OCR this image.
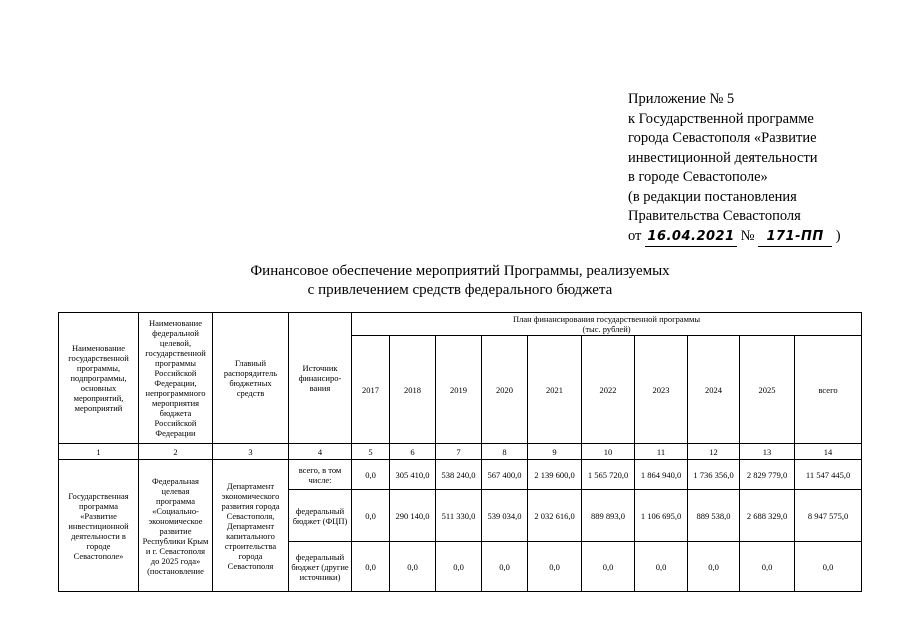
Приложение № 5
к Государственной программе
города Севастополя «Развитие
инвестиционной деятельности
в городе Севастополе»
(в редакции постановления
Правительства Севастополя
от 16.04.2021 № 171-ПП )
Финансовое обеспечение мероприятий Программы, реализуемых
с привлечением средств федерального бюджета
Наименование государственной программы, подпрограммы, основных мероприятий, мероприятий	Наименование федеральной целевой, государственной программы Российской Федерации, непрограммного мероприятия бюджета Российской Федерации	Главный распорядитель бюджетных средств	Источник финансиро-вания	План финансирования государственной программы
(тыс. рублей)									

				2017	2018	2019	2020	2021	2022	2023	2024	2025	всего
1	2	3	4	5	6	7	8	9	10	11	12	13	14
Государственная программа «Развитие инвестиционной деятельности в городе Севастополе»	Федеральная целевая программа «Социально-экономическое развитие Республики Крым и г. Севастополя до 2025 года» (постановление	Департамент экономического развития города Севастополя, Департамент капитального строительства города Севастополя	всего, в том числе:	0,0	305 410,0	538 240,0	567 400,0	2 139 600,0	1 565 720,0	1 864 940,0	1 736 356,0	2 829 779,0	11 547 445,0
			федеральный бюджет (ФЦП)	0,0	290 140,0	511 330,0	539 034,0	2 032 616,0	889 893,0	1 106 695,0	889 538,0	2 688 329,0	8 947 575,0
			федеральный бюджет (другие источники)	0,0	0,0	0,0	0,0	0,0	0,0	0,0	0,0	0,0	0,0
